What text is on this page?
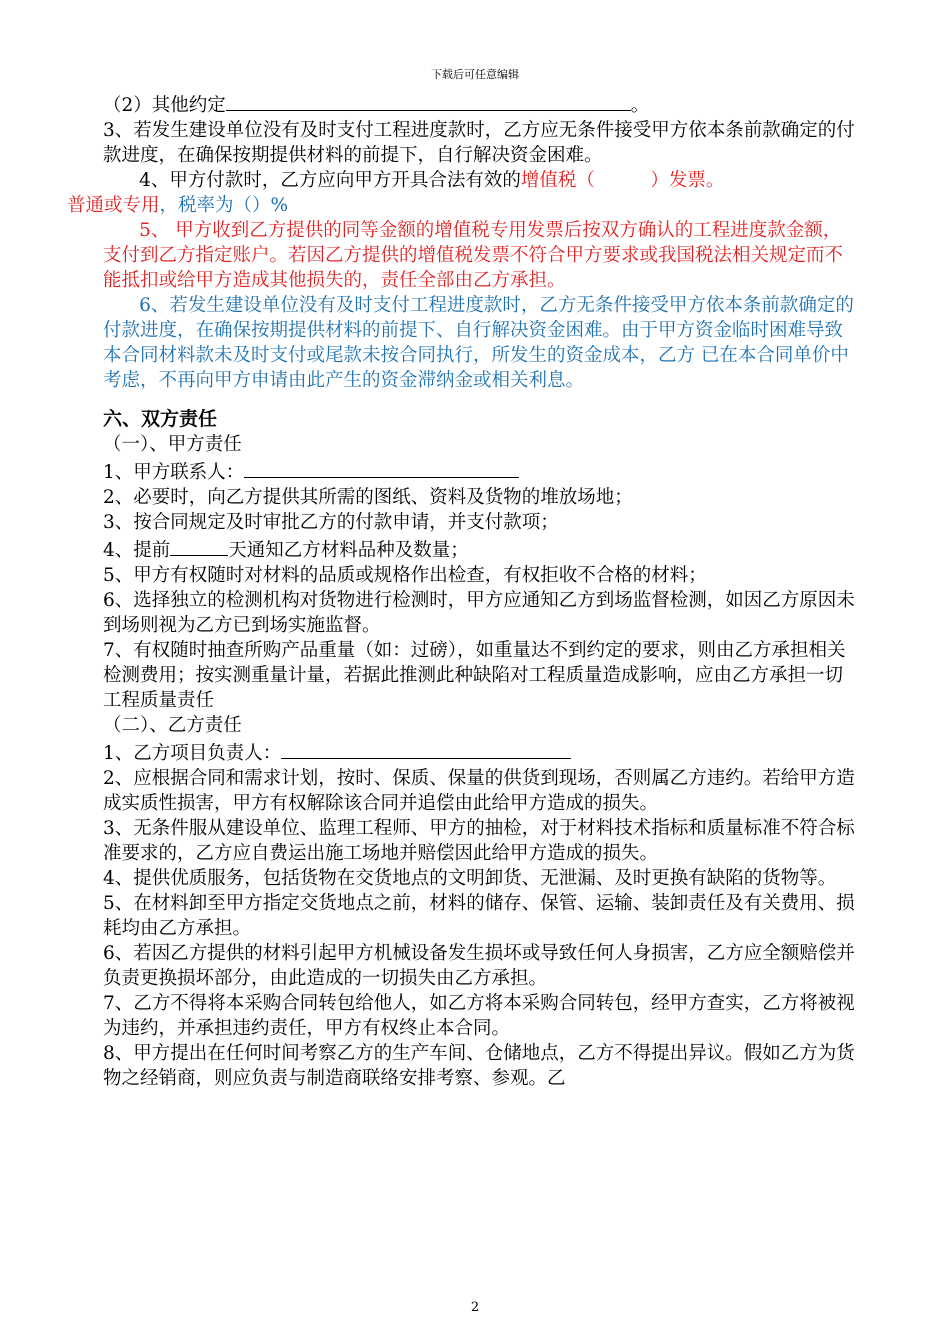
下载后可任意编辑

（2）其他约定	。

3、若发生建设单位没有及时支付工程进度款时，乙方应无条件接受甲方依本条前款确定的付款进度，在确保按期提供材料的前提下，自行解决资金困难。

4、甲方付款时，乙方应向甲方开具合法有效的增值税（　　　）发票。
普通或专用，税率为（）%

5、 甲方收到乙方提供的同等金额的增值税专用发票后按双方确认的工程进度款金额，支付到乙方指定账户。若因乙方提供的增值税发票不符合甲方要求或我国税法相关规定而不能抵扣或给甲方造成其他损失的，责任全部由乙方承担。

6、若发生建设单位没有及时支付工程进度款时，乙方无条件接受甲方依本条前款确定的付款进度，在确保按期提供材料的前提下、自行解决资金困难。由于甲方资金临时困难导致本合同材料款未及时支付或尾款未按合同执行，所发生的资金成本，乙方 已在本合同单价中考虑，不再向甲方申请由此产生的资金滞纳金或相关利息。

六、双方责任

（一）、甲方责任

1、甲方联系人：

2、必要时，向乙方提供其所需的图纸、资料及货物的堆放场地；

3、按合同规定及时审批乙方的付款申请，并支付款项；

4、提前	天通知乙方材料品种及数量；

5、甲方有权随时对材料的品质或规格作出检查，有权拒收不合格的材料；

6、选择独立的检测机构对货物进行检测时，甲方应通知乙方到场监督检测，如因乙方原因未到场则视为乙方已到场实施监督。

7、有权随时抽查所购产品重量（如：过磅），如重量达不到约定的要求，则由乙方承担相关检测费用；按实测重量计量，若据此推测此种缺陷对工程质量造成影响，应由乙方承担一切工程质量责任

（二）、乙方责任

1、乙方项目负责人：

2、应根据合同和需求计划，按时、保质、保量的供货到现场，否则属乙方违约。若给甲方造成实质性损害，甲方有权解除该合同并追偿由此给甲方造成的损失。

3、无条件服从建设单位、监理工程师、甲方的抽检，对于材料技术指标和质量标准不符合标准要求的，乙方应自费运出施工场地并赔偿因此给甲方造成的损失。

4、提供优质服务，包括货物在交货地点的文明卸货、无泄漏、及时更换有缺陷的货物等。

5、在材料卸至甲方指定交货地点之前，材料的储存、保管、运输、装卸责任及有关费用、损耗均由乙方承担。

6、若因乙方提供的材料引起甲方机械设备发生损坏或导致任何人身损害，乙方应全额赔偿并负责更换损坏部分，由此造成的一切损失由乙方承担。

7、乙方不得将本采购合同转包给他人，如乙方将本采购合同转包，经甲方查实，乙方将被视为违约，并承担违约责任，甲方有权终止本合同。

8、甲方提出在任何时间考察乙方的生产车间、仓储地点，乙方不得提出异议。假如乙方为货物之经销商，则应负责与制造商联络安排考察、参观。乙

2
